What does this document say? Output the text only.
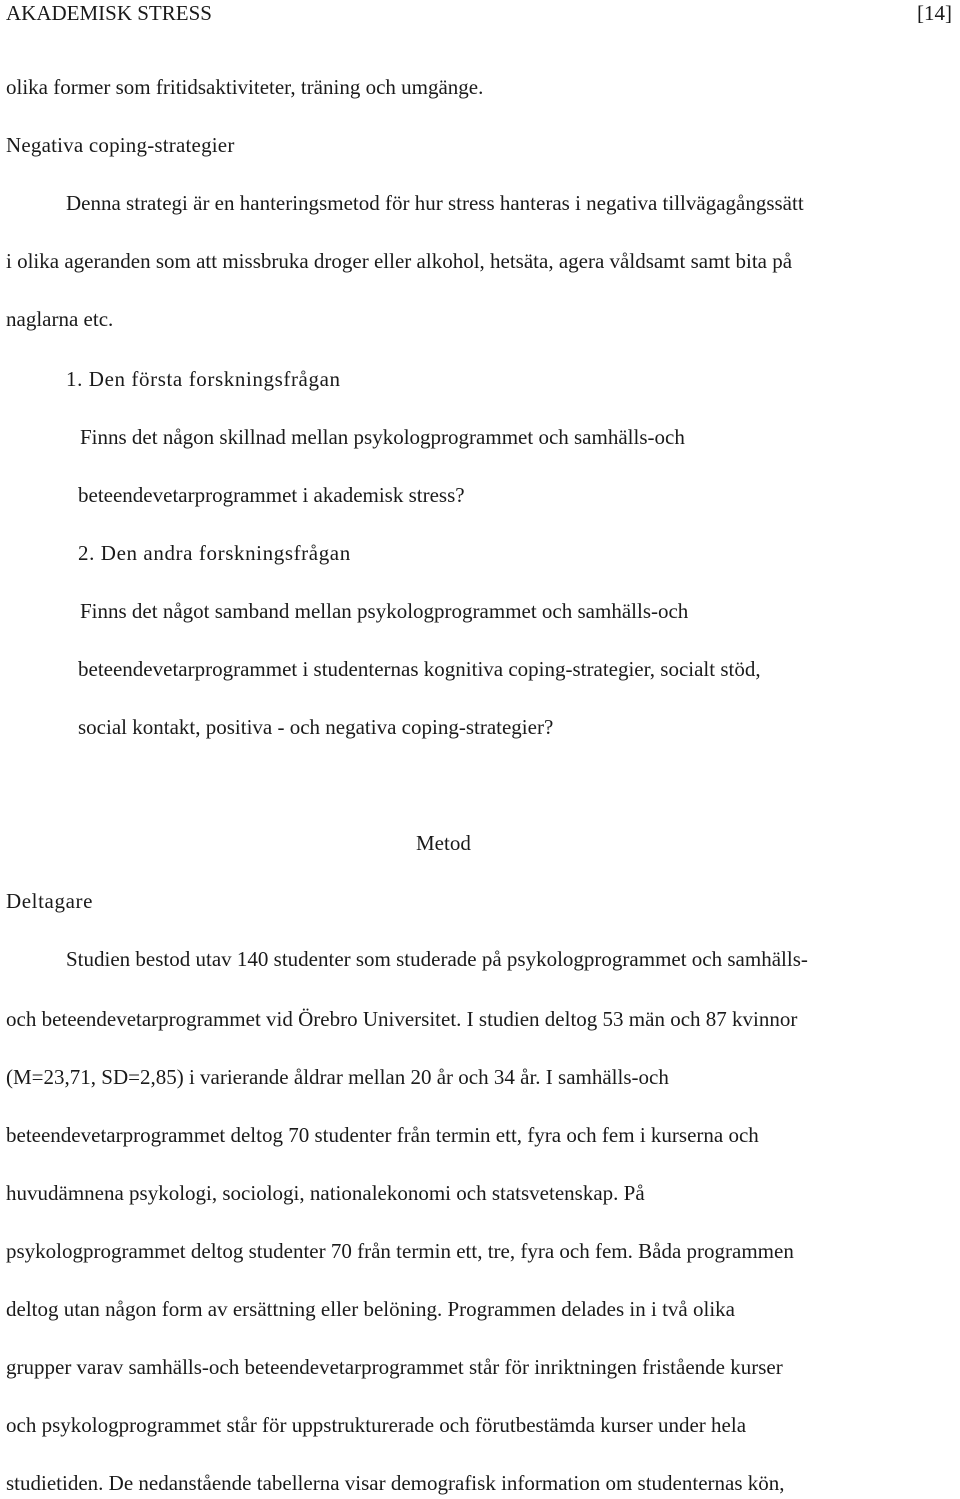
AKADEMISK STRESS	[14]
olika former som fritidsaktiviteter, träning och umgänge.
Negativa coping-strategier
Denna strategi är en hanteringsmetod för hur stress hanteras i negativa tillvägagångssätt
i olika ageranden som att missbruka droger eller alkohol, hetsäta, agera våldsamt samt bita på
naglarna etc.
1. Den första forskningsfrågan
Finns det någon skillnad mellan psykologprogrammet och samhälls-och
beteendevetarprogrammet i akademisk stress?
2. Den andra forskningsfrågan
Finns det något samband mellan psykologprogrammet och samhälls-och
beteendevetarprogrammet i studenternas kognitiva coping-strategier, socialt stöd,
social kontakt, positiva - och negativa coping-strategier?
Metod
Deltagare
Studien bestod utav 140 studenter som studerade på psykologprogrammet och samhälls-
och beteendevetarprogrammet vid Örebro Universitet. I studien deltog 53 män och 87 kvinnor
(M=23,71, SD=2,85) i varierande åldrar mellan 20 år och 34 år. I samhälls-och
beteendevetarprogrammet deltog 70 studenter från termin ett, fyra och fem i kurserna och
huvudämnena psykologi, sociologi, nationalekonomi och statsvetenskap. På
psykologprogrammet deltog studenter 70 från termin ett, tre, fyra och fem. Båda programmen
deltog utan någon form av ersättning eller belöning. Programmen delades in i två olika
grupper varav samhälls-och beteendevetarprogrammet står för inriktningen fristående kurser
och psykologprogrammet står för uppstrukturerade och förutbestämda kurser under hela
studietiden. De nedanstående tabellerna visar demografisk information om studenternas kön,
